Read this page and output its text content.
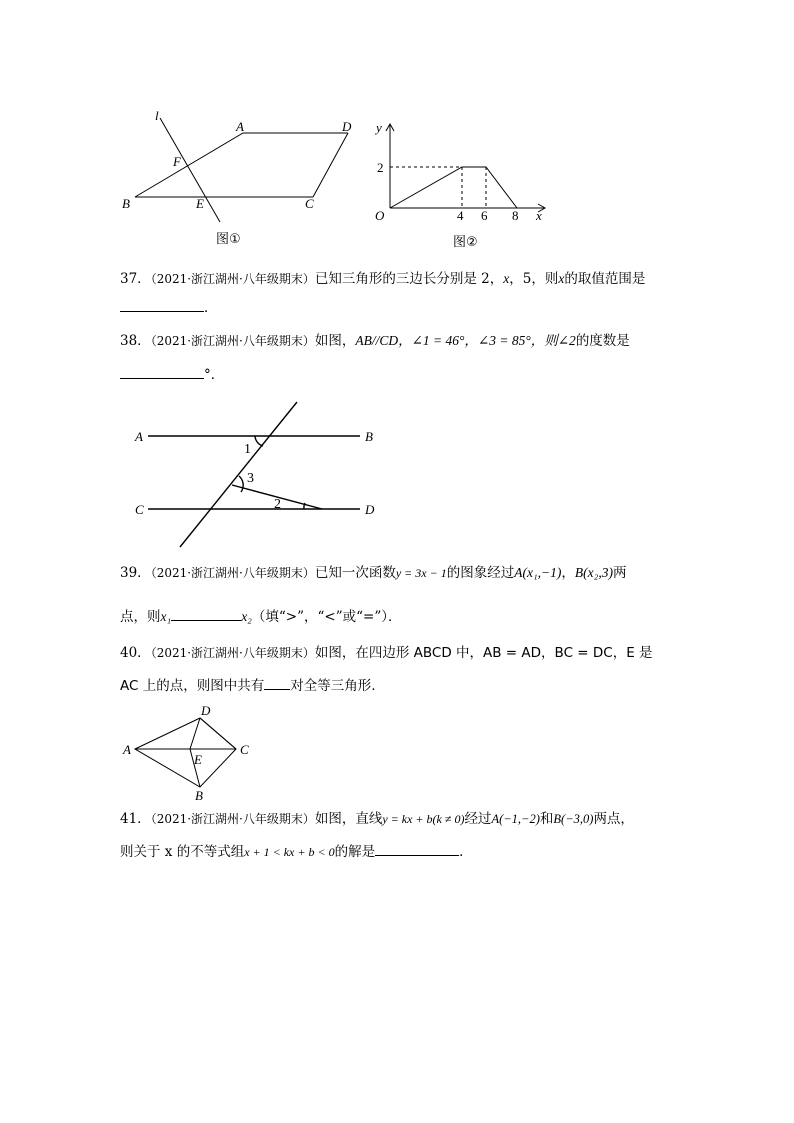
l
A
F
B	E
图①
D
C
y
2
O	4 6 8 x
图②
37．（2021·浙江湖州·八年级期末）已知三角形的三边长分别是 2，x，5，则x的取值范围是
．
38．（2021·浙江湖州·八年级期末）如图，AB//CD，∠1 = 46°，∠3 = 85°，则∠2的度数是
°．
A	B
C	D
1
3
2
39．（2021·浙江湖州·八年级期末）已知一次函数y = 3x − 1的图象经过A(x₁,−1)，B(x₂,3)两
点，则x₁	x₂（填“>”，“<”或“=”）．
40．（2021·浙江湖州·八年级期末）如图，在四边形 ABCD 中，AB = AD，BC = DC，E 是
AC 上的点，则图中共有 对全等三角形.
A
D
C
E
B
41．（2021·浙江湖州·八年级期末）如图，直线y = kx + b(k ≠ 0)经过A(−1,−2)和B(−3,0)两点，
则关于 x 的不等式组x + 1 < kx + b < 0的解是	．
